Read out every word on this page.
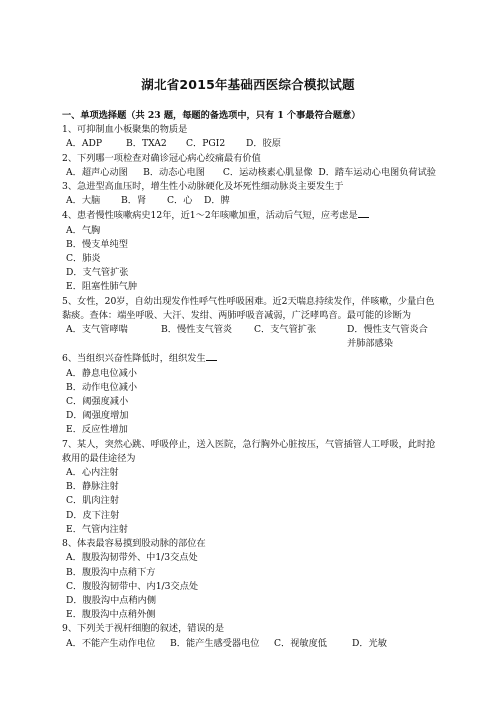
湖北省2015年基础西医综合模拟试题
一、单项选择题（共 23 题，每题的备选项中，只有 1 个事最符合题意）
1、可抑制血小板聚集的物质是
A．ADP	B．TXA2	C．PGI2	D．胶原
2、下列哪一项检查对确诊冠心病心绞痛最有价值
A．超声心动图	B．动态心电图	C．运动核素心肌显像 D．踏车运动心电图负荷试验
3、急进型高血压时，增生性小动脉硬化及坏死性细动脉炎主要发生于
A．大脑	B．肾	C．心	D．脾
4、患者慢性咳嗽病史12年，近1～2年咳嗽加重，活动后气短，应考虑是
A．气胸
B．慢支单纯型
C．肺炎
D．支气管扩张
E．阻塞性肺气肿
5、女性，20岁，自幼出现发作性呼气性呼吸困难。近2天喘息持续发作，伴咳嗽，少量白色黏痰。查体：端坐呼吸、大汗、发绀、两肺呼吸音减弱，广泛哮鸣音。最可能的诊断为
A．支气管哮喘	B．慢性支气管炎	C．支气管扩张	D．慢性支气管炎合并肺部感染
6、当组织兴奋性降低时，组织发生
A．静息电位减小
B．动作电位减小
C．阈强度减小
D．阈强度增加
E．反应性增加
7、某人，突然心跳、呼吸停止，送入医院，急行胸外心脏按压，气管插管人工呼吸，此时抢救用的最佳途径为
A．心内注射
B．静脉注射
C．肌肉注射
D．皮下注射
E．气管内注射
8、体表最容易摸到股动脉的部位在
A．腹股沟韧带外、中1/3交点处
B．腹股沟中点稍下方
C．腹股沟韧带中、内1/3交点处
D．腹股沟中点稍内侧
E．腹股沟中点稍外侧
9、下列关于视杆细胞的叙述，错误的是
A．不能产生动作电位	B．能产生感受器电位	C．视敏度低	D．光敏
